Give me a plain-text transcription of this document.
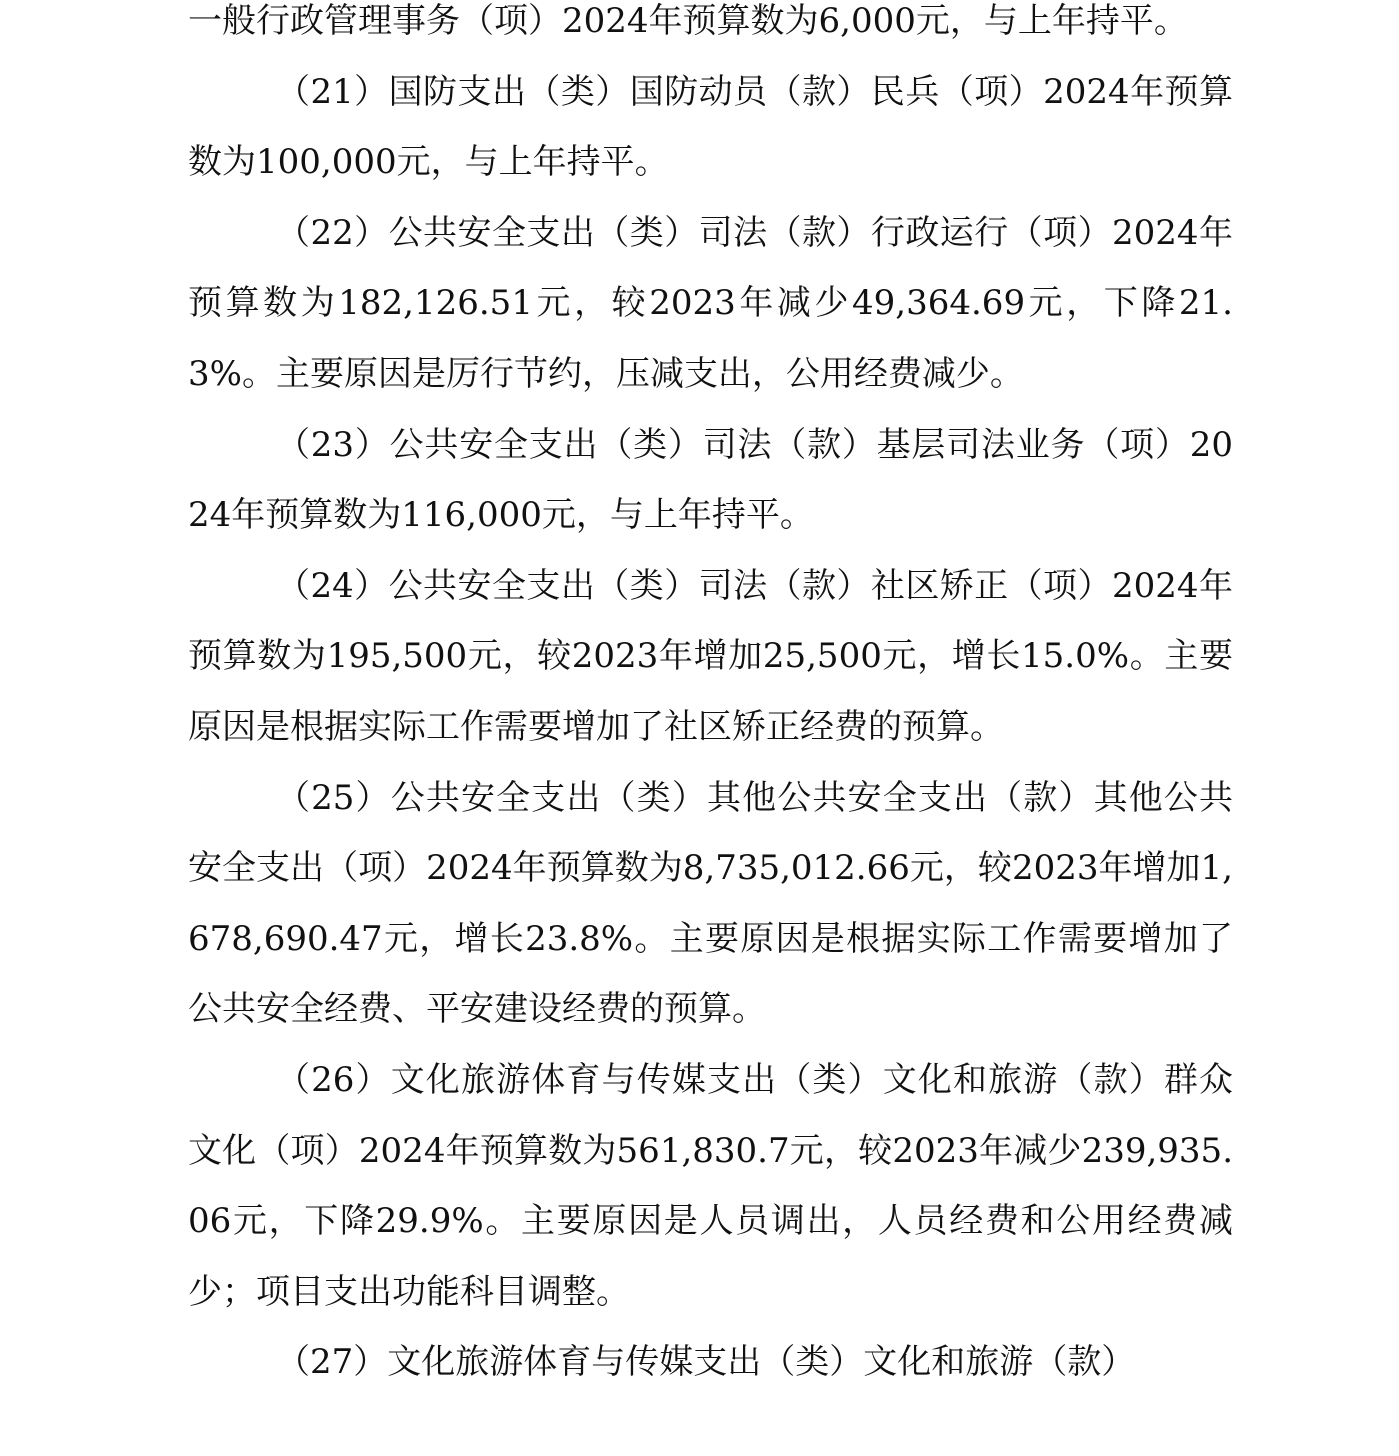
一般行政管理事务（项）2024年预算数为6,000元，与上年持平。

（21）国防支出（类）国防动员（款）民兵（项）2024年预算数为100,000元，与上年持平。

（22）公共安全支出（类）司法（款）行政运行（项）2024年预算数为182,126.51元，较2023年减少49,364.69元，下降21.3%。主要原因是厉行节约，压减支出，公用经费减少。

（23）公共安全支出（类）司法（款）基层司法业务（项）2024年预算数为116,000元，与上年持平。

（24）公共安全支出（类）司法（款）社区矫正（项）2024年预算数为195,500元，较2023年增加25,500元，增长15.0%。主要原因是根据实际工作需要增加了社区矫正经费的预算。

（25）公共安全支出（类）其他公共安全支出（款）其他公共安全支出（项）2024年预算数为8,735,012.66元，较2023年增加1,678,690.47元，增长23.8%。主要原因是根据实际工作需要增加了公共安全经费、平安建设经费的预算。

（26）文化旅游体育与传媒支出（类）文化和旅游（款）群众文化（项）2024年预算数为561,830.7元，较2023年减少239,935.06元，下降29.9%。主要原因是人员调出，人员经费和公用经费减少；项目支出功能科目调整。

（27）文化旅游体育与传媒支出（类）文化和旅游（款）
